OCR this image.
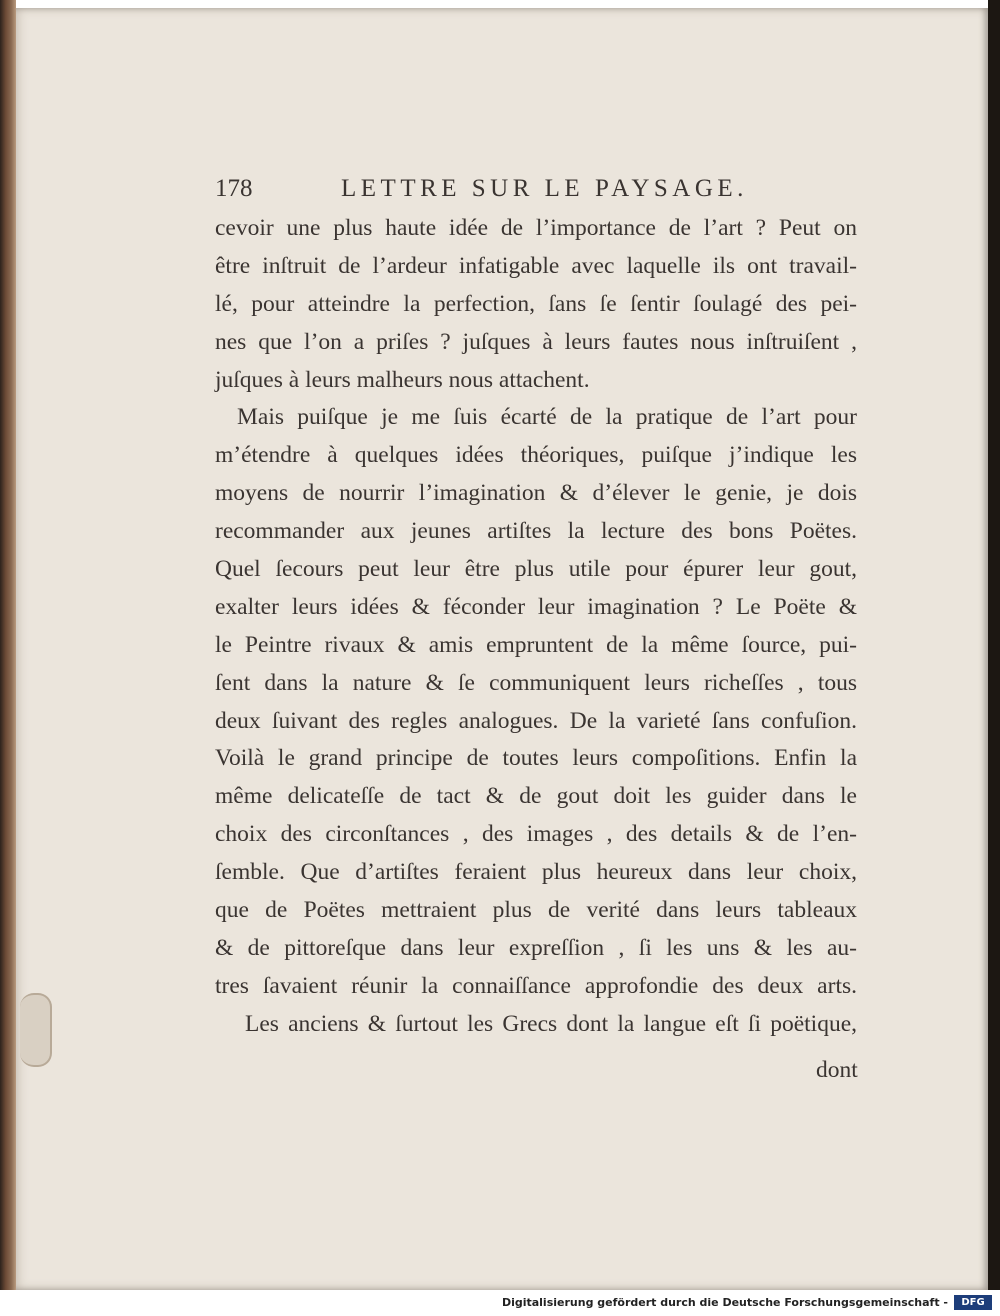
178	LETTRE SUR LE PAYSAGE.
cevoir une plus haute idée de l’importance de l’art ? Peut on
être inſtruit de l’ardeur infatigable avec laquelle ils ont travail-
lé, pour atteindre la perfection, ſans ſe ſentir ſoulagé des pei-
nes que l’on a priſes ? juſques à leurs fautes nous inſtruiſent ,
juſques à leurs malheurs nous attachent.
Mais puiſque je me ſuis écarté de la pratique de l’art pour
m’étendre à quelques idées théoriques, puiſque j’indique les
moyens de nourrir l’imagination & d’élever le genie, je dois
recommander aux jeunes artiſtes la lecture des bons Poëtes.
Quel ſecours peut leur être plus utile pour épurer leur gout,
exalter leurs idées & féconder leur imagination ? Le Poëte &
le Peintre rivaux & amis empruntent de la même ſource, pui-
ſent dans la nature & ſe communiquent leurs richeſſes , tous
deux ſuivant des regles analogues. De la varieté ſans confuſion.
Voilà le grand principe de toutes leurs compoſitions. Enfin la
même delicateſſe de tact & de gout doit les guider dans le
choix des circonſtances , des images , des details & de l’en-
ſemble. Que d’artiſtes feraient plus heureux dans leur choix,
que de Poëtes mettraient plus de verité dans leurs tableaux
& de pittoreſque dans leur expreſſion , ſi les uns & les au-
tres ſavaient réunir la connaiſſance approfondie des deux arts.
Les anciens & ſurtout les Grecs dont la langue eſt ſi poëtique,
dont
Digitalisierung gefördert durch die Deutsche Forschungsgemeinschaft -	DFG
